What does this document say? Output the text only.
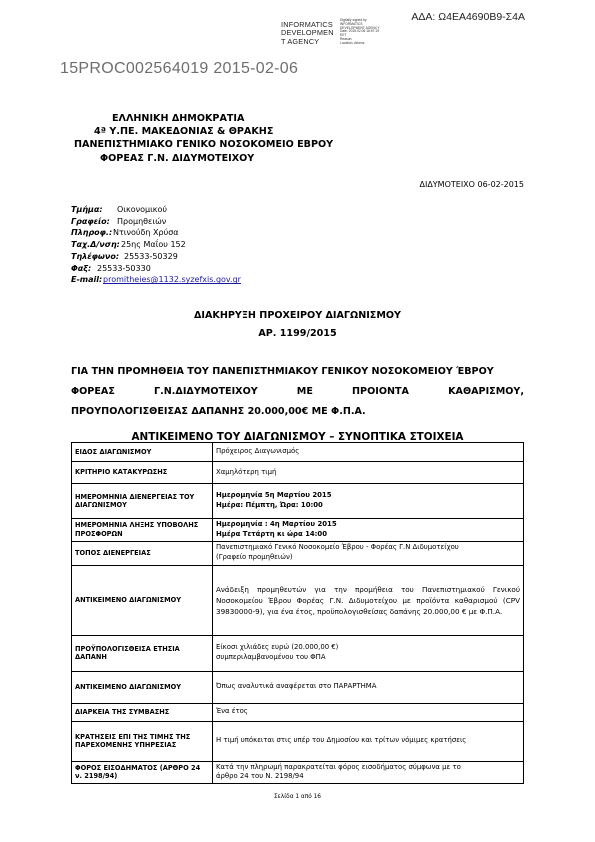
INFORMATICS
DEVELOPMEN
T AGENCY
Digitally signed by
INFORMATICS
DEVELOPMENT AGENCY
Date: 2015.02.06 16:57:19
EET
Reason:
Location: Athens
ΑΔΑ: Ω4ΕΑ4690Β9-Σ4Α
15PROC002564019 2015-02-06
ΕΛΛΗΝΙΚΗ ΔΗΜΟΚΡΑΤΙΑ
4ª Υ.ΠΕ. ΜΑΚΕΔΟΝΙΑΣ & ΘΡΑΚΗΣ
ΠΑΝΕΠΙΣΤΗΜΙΑΚΟ ΓΕΝΙΚΟ ΝΟΣΟΚΟΜΕΙΟ ΕΒΡΟΥ
ΦΟΡΕΑΣ Γ.Ν. ΔΙΔΥΜΟΤΕΙΧΟΥ
ΔΙΔΥΜΟΤΕΙΧΟ 06-02-2015
Τμήμα: Οικονομικού
Γραφείο: Προμηθειών
Πληροφ.:Ντινούδη Χρύσα
Ταχ.Δ/νση:25ης Μαΐου 152
Τηλέφωνο: 25533-50329
Φαξ: 25533-50330
E-mail:promitheies@1132.syzefxis.gov.gr
ΔΙΑΚΗΡΥΞΗ ΠΡΟΧΕΙΡΟΥ ΔΙΑΓΩΝΙΣΜΟΥ
ΑΡ. 1199/2015
ΓΙΑ ΤΗΝ ΠΡΟΜΗΘΕΙΑ ΤΟΥ ΠΑΝΕΠΙΣΤΗΜΙΑΚΟΥ ΓΕΝΙΚΟΥ ΝΟΣΟΚΟΜΕΙΟΥ ΈΒΡΟΥ
ΦΟΡΕΑΣ	Γ.Ν.ΔΙΔΥΜΟΤΕΙΧΟΥ	ΜΕ	ΠΡΟΙΟΝΤΑ	ΚΑΘΑΡΙΣΜΟΥ,
ΠΡΟΥΠΟΛΟΓΙΣΘΕΙΣΑΣ ΔΑΠΑΝΗΣ 20.000,00€ ΜΕ Φ.Π.Α.
ΑΝΤΙΚΕΙΜΕΝΟ ΤΟΥ ΔΙΑΓΩΝΙΣΜΟΥ – ΣΥΝΟΠΤΙΚΑ ΣΤΟΙΧΕΙΑ
ΕΙΔΟΣ ΔΙΑΓΩΝΙΣΜΟΥ	Πρόχειρος Διαγωνισμός
ΚΡΙΤΗΡΙΟ ΚΑΤΑΚΥΡΩΣΗΣ	Χαμηλότερη τιμή
ΗΜΕΡΟΜΗΝΙΑ ΔΙΕΝΕΡΓΕΙΑΣ ΤΟΥ ΔΙΑΓΩΝΙΣΜΟΥ	Ημερομηνία 5η Μαρτίου 2015
Ημέρα: Πέμπτη, Ώρα: 10:00

ΗΜΕΡΟΜΗΝΙΑ ΛΗΞΗΣ ΥΠΟΒΟΛΗΣ ΠΡΟΣΦΟΡΩΝ	Ημερομηνία : 4η Μαρτίου 2015
Ημέρα Τετάρτη κι ώρα 14:00

ΤΟΠΟΣ ΔΙΕΝΕΡΓΕΙΑΣ	Πανεπιστημιακό Γενικό Νοσοκομείο Έβρου - Φορέας Γ.Ν Διδυμοτείχου
(Γραφείο προμηθειών)

ΑΝΤΙΚΕΙΜΕΝΟ ΔΙΑΓΩΝΙΣΜΟΥ	Ανάδειξη προμηθευτών για την προμήθεια του Πανεπιστημιακού Γενικού Νοσοκομείου Έβρου Φορέας Γ.Ν. Διδυμοτείχου με προϊόντα καθαρισμού (CPV 39830000-9), για ένα έτος, προϋπολογισθείσας δαπάνης 20.000,00 € με Φ.Π.Α.
ΠΡΟΫΠΟΛΟΓΙΣΘΕΙΣΑ ΕΤΗΣΙΑ ΔΑΠΑΝΗ	Είκοσι χιλιάδες ευρώ (20.000,00 €)
συμπεριλαμβανομένου του ΦΠΑ

ΑΝΤΙΚΕΙΜΕΝΟ ΔΙΑΓΩΝΙΣΜΟΥ	Όπως αναλυτικά αναφέρεται στο ΠΑΡΑΡΤΗΜΑ
ΔΙΑΡΚΕΙΑ ΤΗΣ ΣΥΜΒΑΣΗΣ	Ένα έτος
ΚΡΑΤΗΣΕΙΣ ΕΠΙ ΤΗΣ ΤΙΜΗΣ ΤΗΣ ΠΑΡΕΧΟΜΕΝΗΣ ΥΠΗΡΕΣΙΑΣ	Η τιμή υπόκειται στις υπέρ του Δημοσίου και τρίτων νόμιμες κρατήσεις
ΦΟΡΟΣ ΕΙΣΟΔΗΜΑΤΟΣ (ΑΡΘΡΟ 24 ν. 2198/94)	Κατά την πληρωμή παρακρατείται φόρος εισοδήματος σύμφωνα με το
άρθρο 24 του Ν. 2198/94
Σελίδα 1 από 16
